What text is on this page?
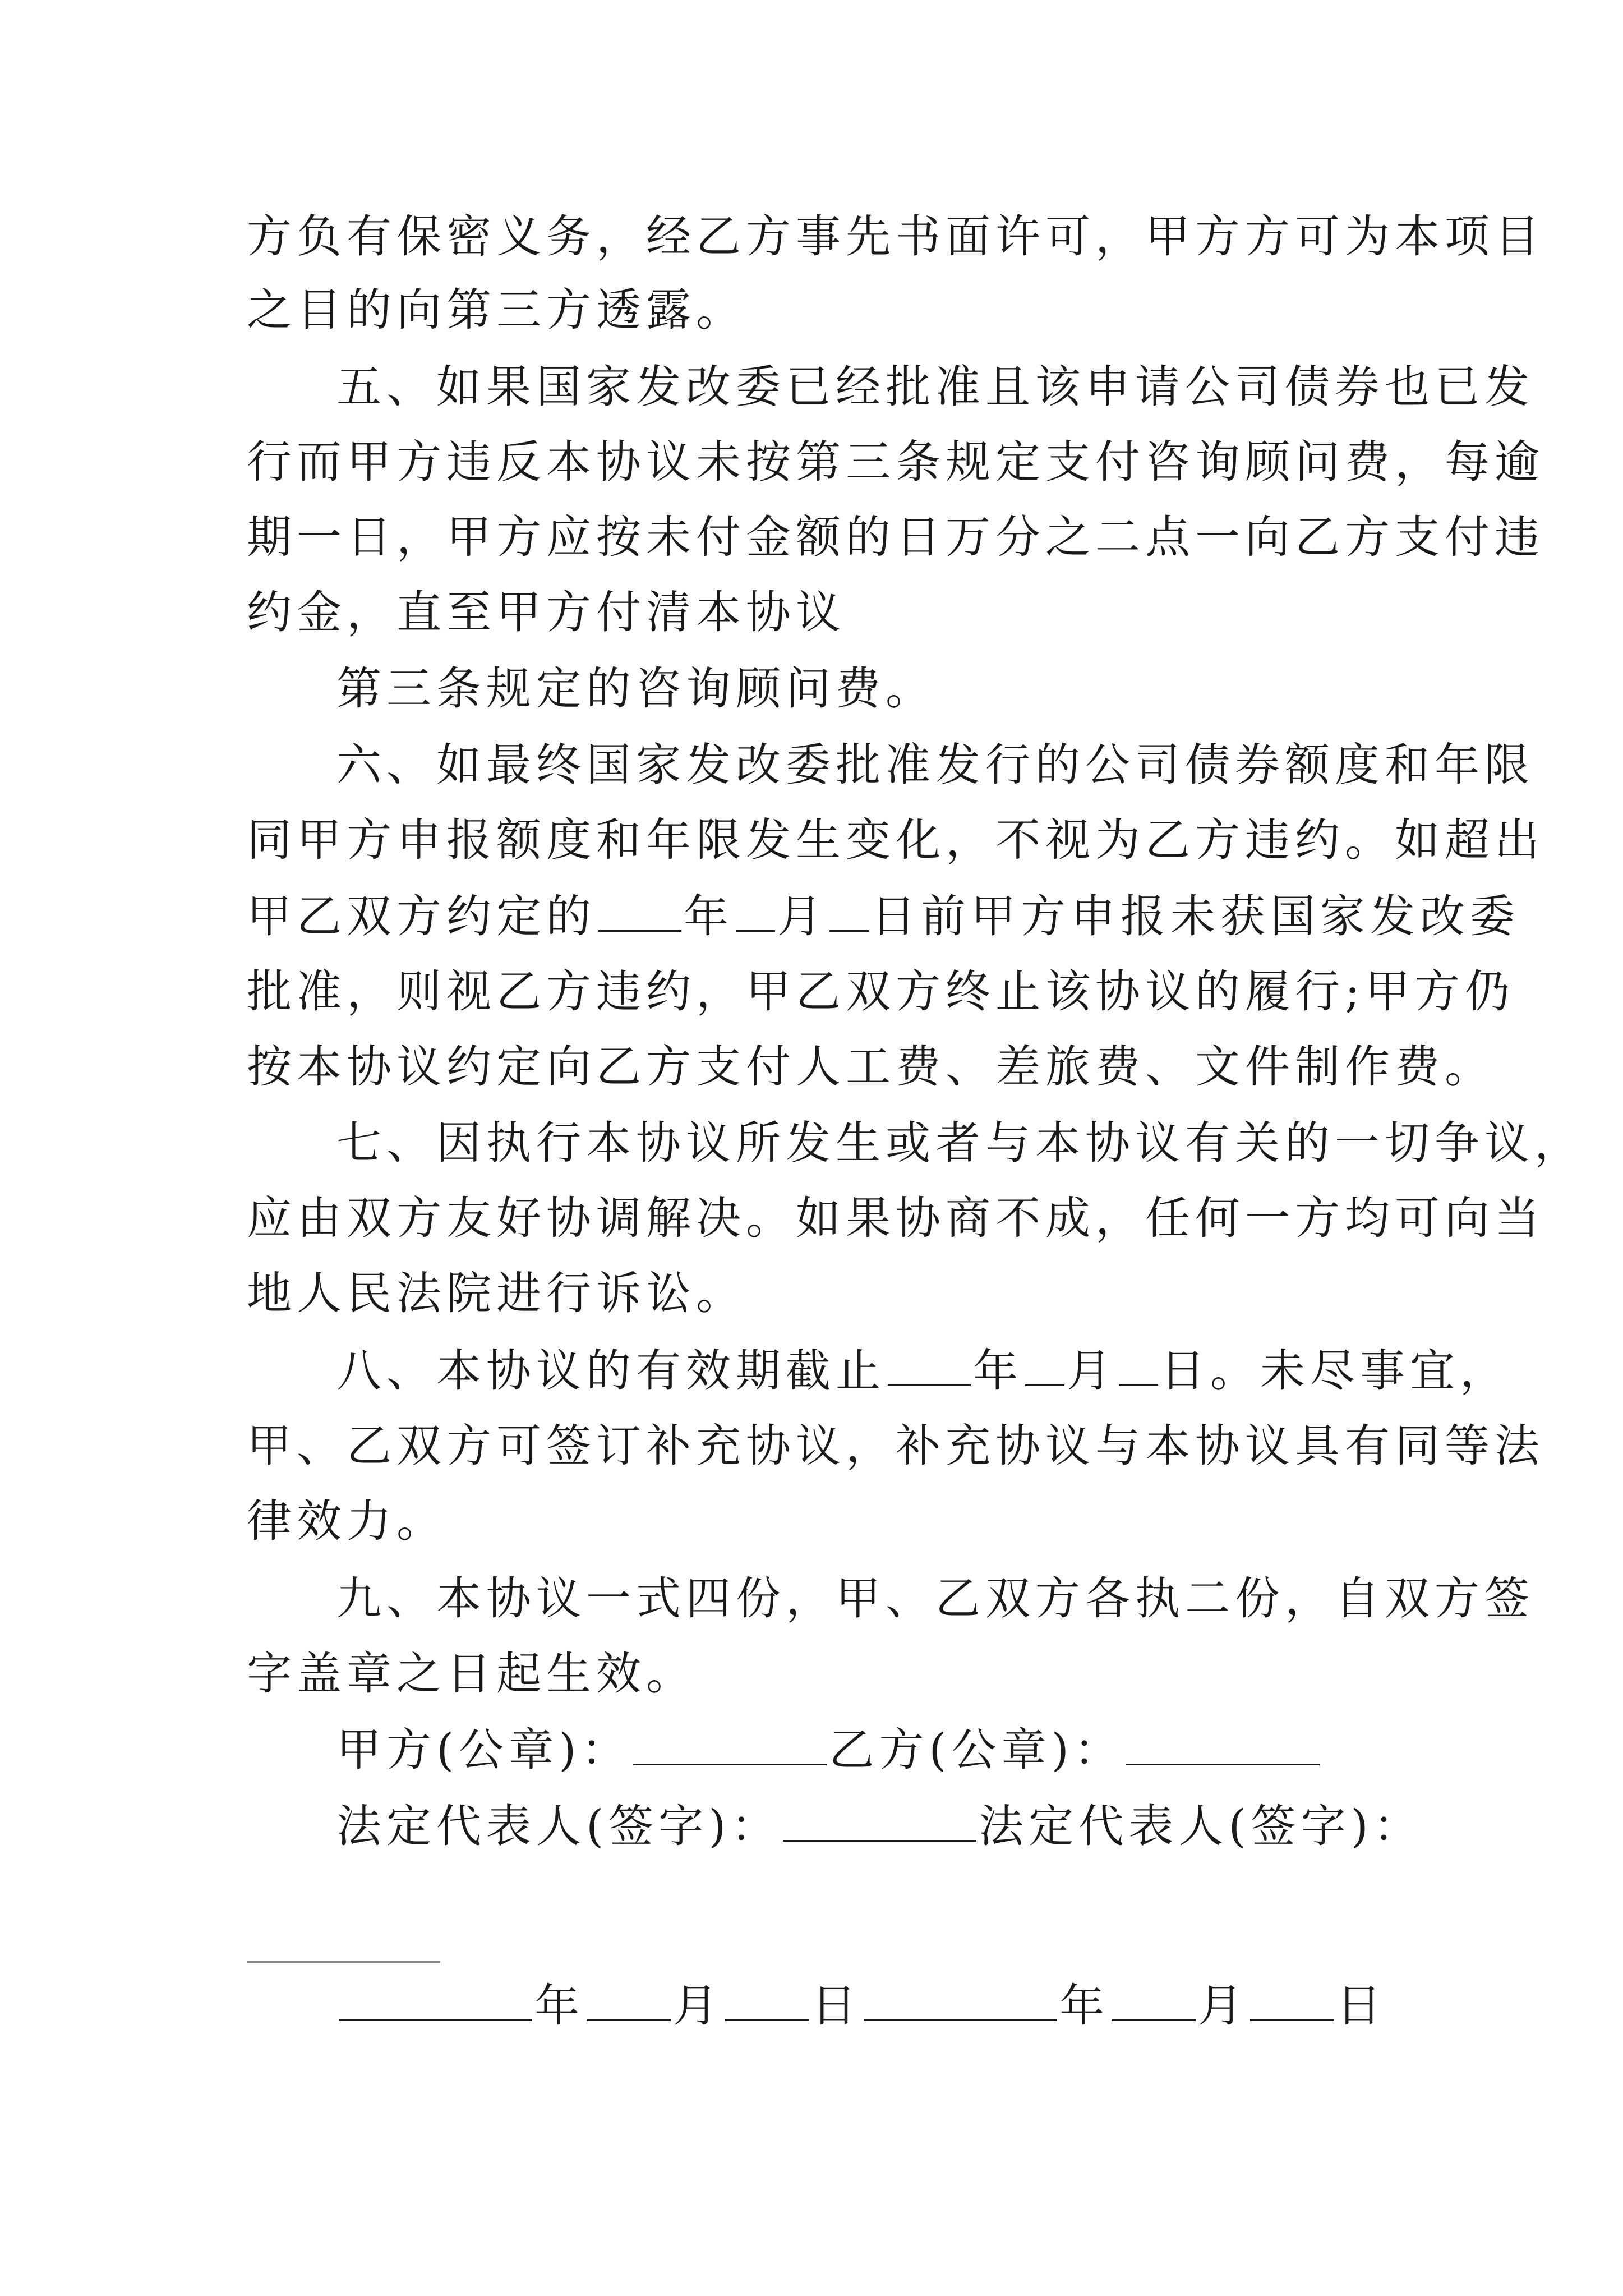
方负有保密义务，经乙方事先书面许可，甲方方可为本项目
之目的向第三方透露。
五、如果国家发改委已经批准且该申请公司债券也已发
行而甲方违反本协议未按第三条规定支付咨询顾问费，每逾
期一日，甲方应按未付金额的日万分之二点一向乙方支付违
约金，直至甲方付清本协议
第三条规定的咨询顾问费。
六、如最终国家发改委批准发行的公司债券额度和年限
同甲方申报额度和年限发生变化，不视为乙方违约。如超出
甲乙双方约定的 年 月 日前甲方申报未获国家发改委
批准，则视乙方违约，甲乙双方终止该协议的履行;甲方仍
按本协议约定向乙方支付人工费、差旅费、文件制作费。
七、因执行本协议所发生或者与本协议有关的一切争议，
应由双方友好协调解决。如果协商不成，任何一方均可向当
地人民法院进行诉讼。
八、本协议的有效期截止 年 月 日。未尽事宜，
甲、乙双方可签订补充协议，补充协议与本协议具有同等法
律效力。
九、本协议一式四份，甲、乙双方各执二份，自双方签
字盖章之日起生效。
甲方(公章)：	乙方(公章)：
法定代表人(签字)：	法定代表人(签字)：
年 月 日	年 月 日
